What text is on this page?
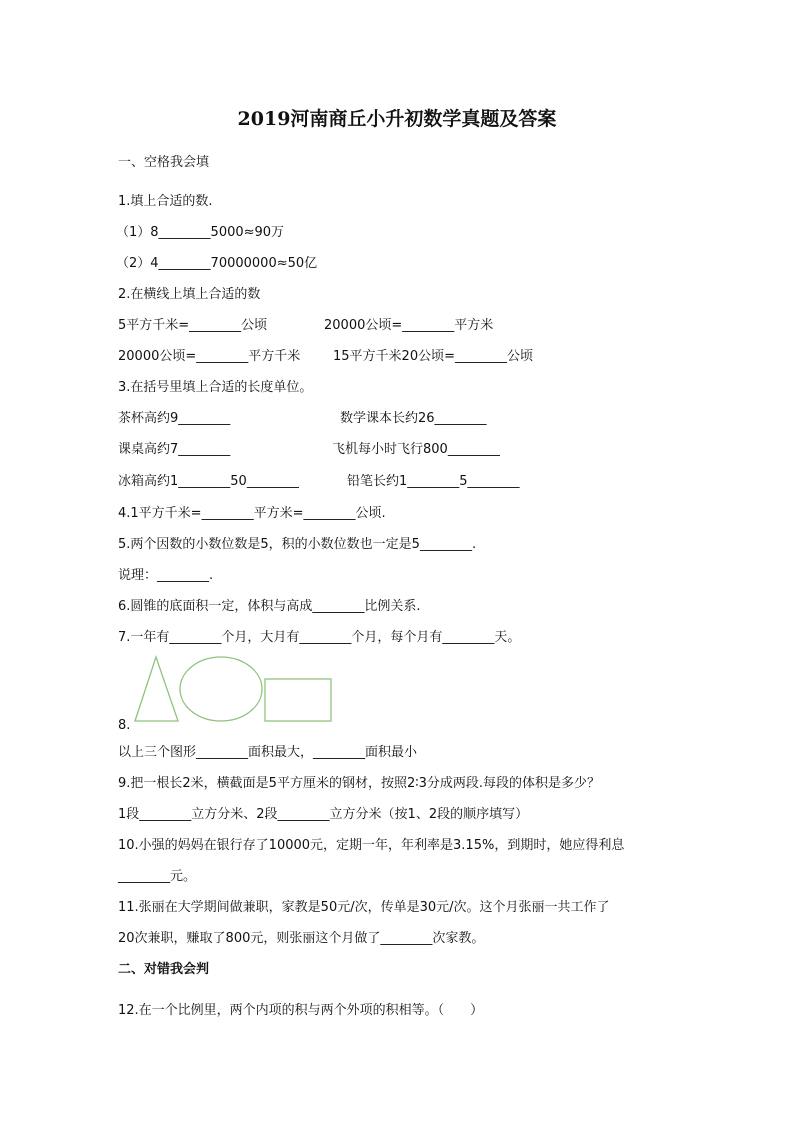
2019河南商丘小升初数学真题及答案
一、空格我会填
1.填上合适的数.
（1）8________5000≈90万
（2）4________70000000≈50亿
2.在横线上填上合适的数
5平方千米=________公顷	20000公顷=________平方米
20000公顷=________平方千米	15平方千米20公顷=________公顷
3.在括号里填上合适的长度单位。
茶杯高约9________	数学课本长约26________
课桌高约7________	飞机每小时飞行800________
冰箱高约1________50________	铅笔长约1________5________
4.1平方千米=________平方米=________公顷.
5.两个因数的小数位数是5，积的小数位数也一定是5________.
说理：________.
6.圆锥的底面积一定，体积与高成________比例关系.
7.一年有________个月，大月有________个月，每个月有________天。
8.
以上三个图形________面积最大，________面积最小
9.把一根长2米，横截面是5平方厘米的钢材，按照2∶3分成两段.每段的体积是多少？
1段________立方分米、2段________立方分米（按1、2段的顺序填写）
10.小强的妈妈在银行存了10000元，定期一年，年利率是3.15%，到期时，她应得利息
________元。
11.张丽在大学期间做兼职，家教是50元/次，传单是30元/次。这个月张丽一共工作了
20次兼职，赚取了800元，则张丽这个月做了________次家教。
二、对错我会判
12.在一个比例里，两个内项的积与两个外项的积相等。（　　）
